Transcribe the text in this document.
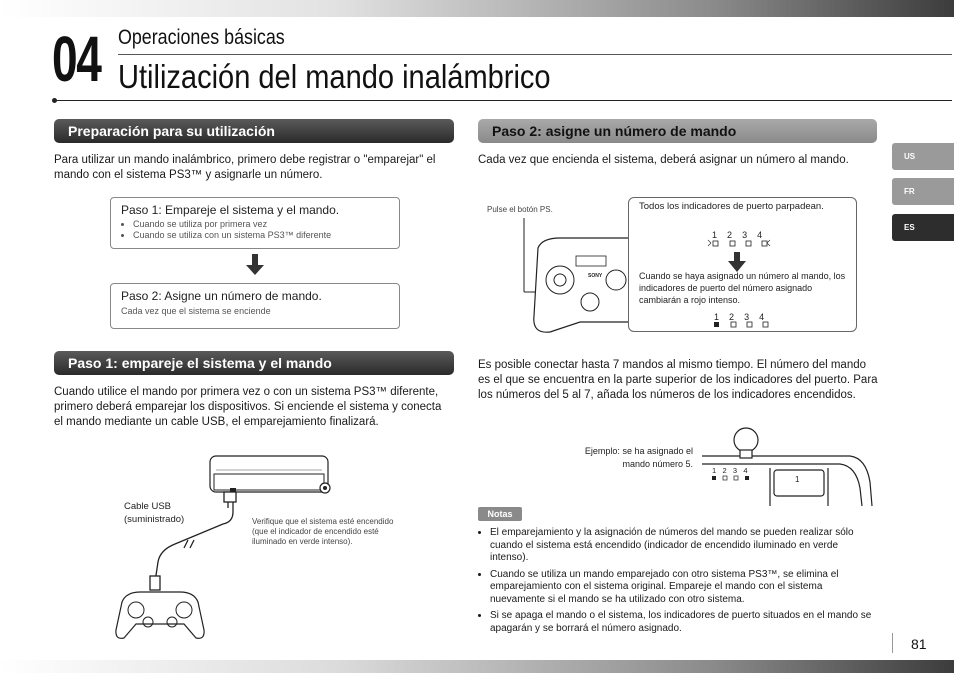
04 Operaciones básicas
Utilización del mando inalámbrico
US
FR
ES
Preparación para su utilización
Para utilizar un mando inalámbrico, primero debe registrar o "emparejar" el mando con el sistema PS3™ y asignarle un número.
Paso 1: Empareje el sistema y el mando.
• Cuando se utiliza por primera vez
• Cuando se utiliza con un sistema PS3™ diferente
Paso 2: Asigne un número de mando.
Cada vez que el sistema se enciende
Paso 1: empareje el sistema y el mando
Cuando utilice el mando por primera vez o con un sistema PS3™ diferente, primero deberá emparejar los dispositivos. Si enciende el sistema y conecta el mando mediante un cable USB, el emparejamiento finalizará.
Cable USB
(suministrado)	Verifique que el sistema esté encendido (que el indicador de encendido esté iluminado en verde intenso).
Paso 2: asigne un número de mando
Cada vez que encienda el sistema, deberá asignar un número al mando.
Pulse el botón PS.
SONY
Todos los indicadores de puerto parpadean.
1 2 3 4
Cuando se haya asignado un número al mando, los indicadores de puerto del número asignado cambiarán a rojo intenso.
1 2 3 4
Es posible conectar hasta 7 mandos al mismo tiempo. El número del mando es el que se encuentra en la parte superior de los indicadores del puerto. Para los números del 5 al 7, añada los números de los indicadores encendidos.
Ejemplo: se ha asignado el mando número 5.
1 2 3 4
1
Notas
• El emparejamiento y la asignación de números del mando se pueden realizar sólo cuando el sistema está encendido (indicador de encendido iluminado en verde intenso).
• Cuando se utiliza un mando emparejado con otro sistema PS3™, se elimina el emparejamiento con el sistema original. Empareje el mando con el sistema nuevamente si el mando se ha utilizado con otro sistema.
• Si se apaga el mando o el sistema, los indicadores de puerto situados en el mando se apagarán y se borrará el número asignado.
81
